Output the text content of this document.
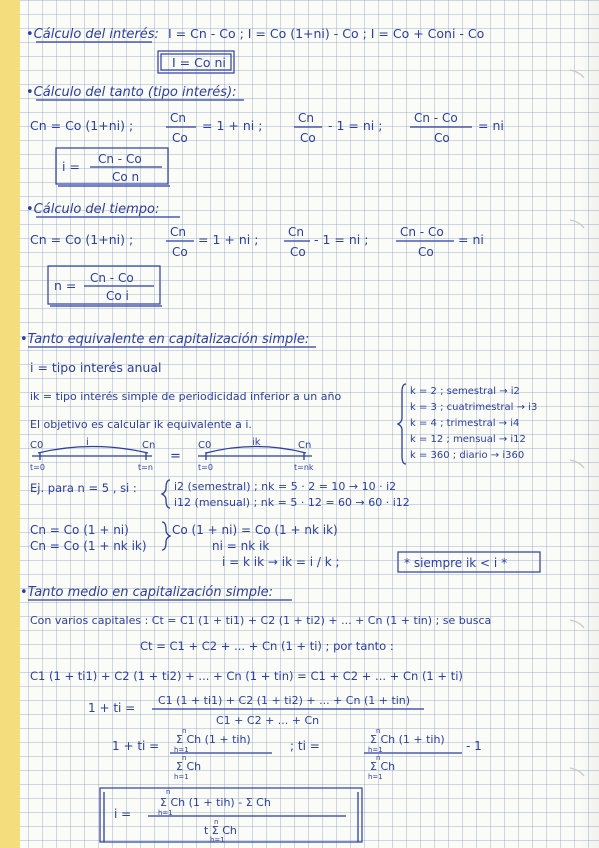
•Cálculo del interés: I = Cn - Co ; I = Co (1+ni) - Co ; I = Co + Coni - Co
I = Co ni
•Cálculo del tanto (tipo interés):
Cn = Co (1+ni) ;	Cn
Co
= 1 + ni ;	Cn
Co
- 1 = ni ;	Cn - Co
Co
= ni
i = Cn - Co
Co n
•Cálculo del tiempo:
Cn = Co (1+ni) ;	Cn
Co
= 1 + ni ; Cn
Co
- 1 = ni ;	Cn - Co
Co
= ni
n = Cn - Co
Co i
•Tanto equivalente en capitalización simple:
i = tipo interés anual
ik = tipo interés simple de periodicidad inferior a un año
El objetivo es calcular ik equivalente a i.
k = 2 ; semestral → i2
k = 3 ; cuatrimestral → i3
k = 4 ; trimestral → i4
k = 12 ; mensual → i12
k = 360 ; diario → i360
C0	i	Cn
t=0	t=n
=
C0	ik	Cn
t=0	t=nk
Ej. para n = 5 , si :	i2 (semestral) ; nk = 5 · 2 = 10 → 10 · i2
i12 (mensual) ; nk = 5 · 12 = 60 → 60 · i12
Cn = Co (1 + ni)
Cn = Co (1 + nk ik)
Co (1 + ni) = Co (1 + nk ik)
ni = nk ik
i = k ik → ik = i / k ;	* siempre ik < i *
•Tanto medio en capitalización simple:
Con varios capitales : Ct = C1 (1 + ti1) + C2 (1 + ti2) + ... + Cn (1 + tin) ; se busca
Ct = C1 + C2 + ... + Cn (1 + ti) ; por tanto :
C1 (1 + ti1) + C2 (1 + ti2) + ... + Cn (1 + tin) = C1 + C2 + ... + Cn (1 + ti)
1 + ti =
C1 (1 + ti1) + C2 (1 + ti2) + ... + Cn (1 + tin)
C1 + C2 + ... + Cn
1 + ti =
n
Σ Ch (1 + tih)
h=1
n
Σ Ch
h=1
; ti =
n
Σ Ch (1 + tih)
h=1
n
Σ Ch
h=1
- 1
i =
n
Σ Ch (1 + tih) - Σ Ch
h=1
n
t Σ Ch
h=1
